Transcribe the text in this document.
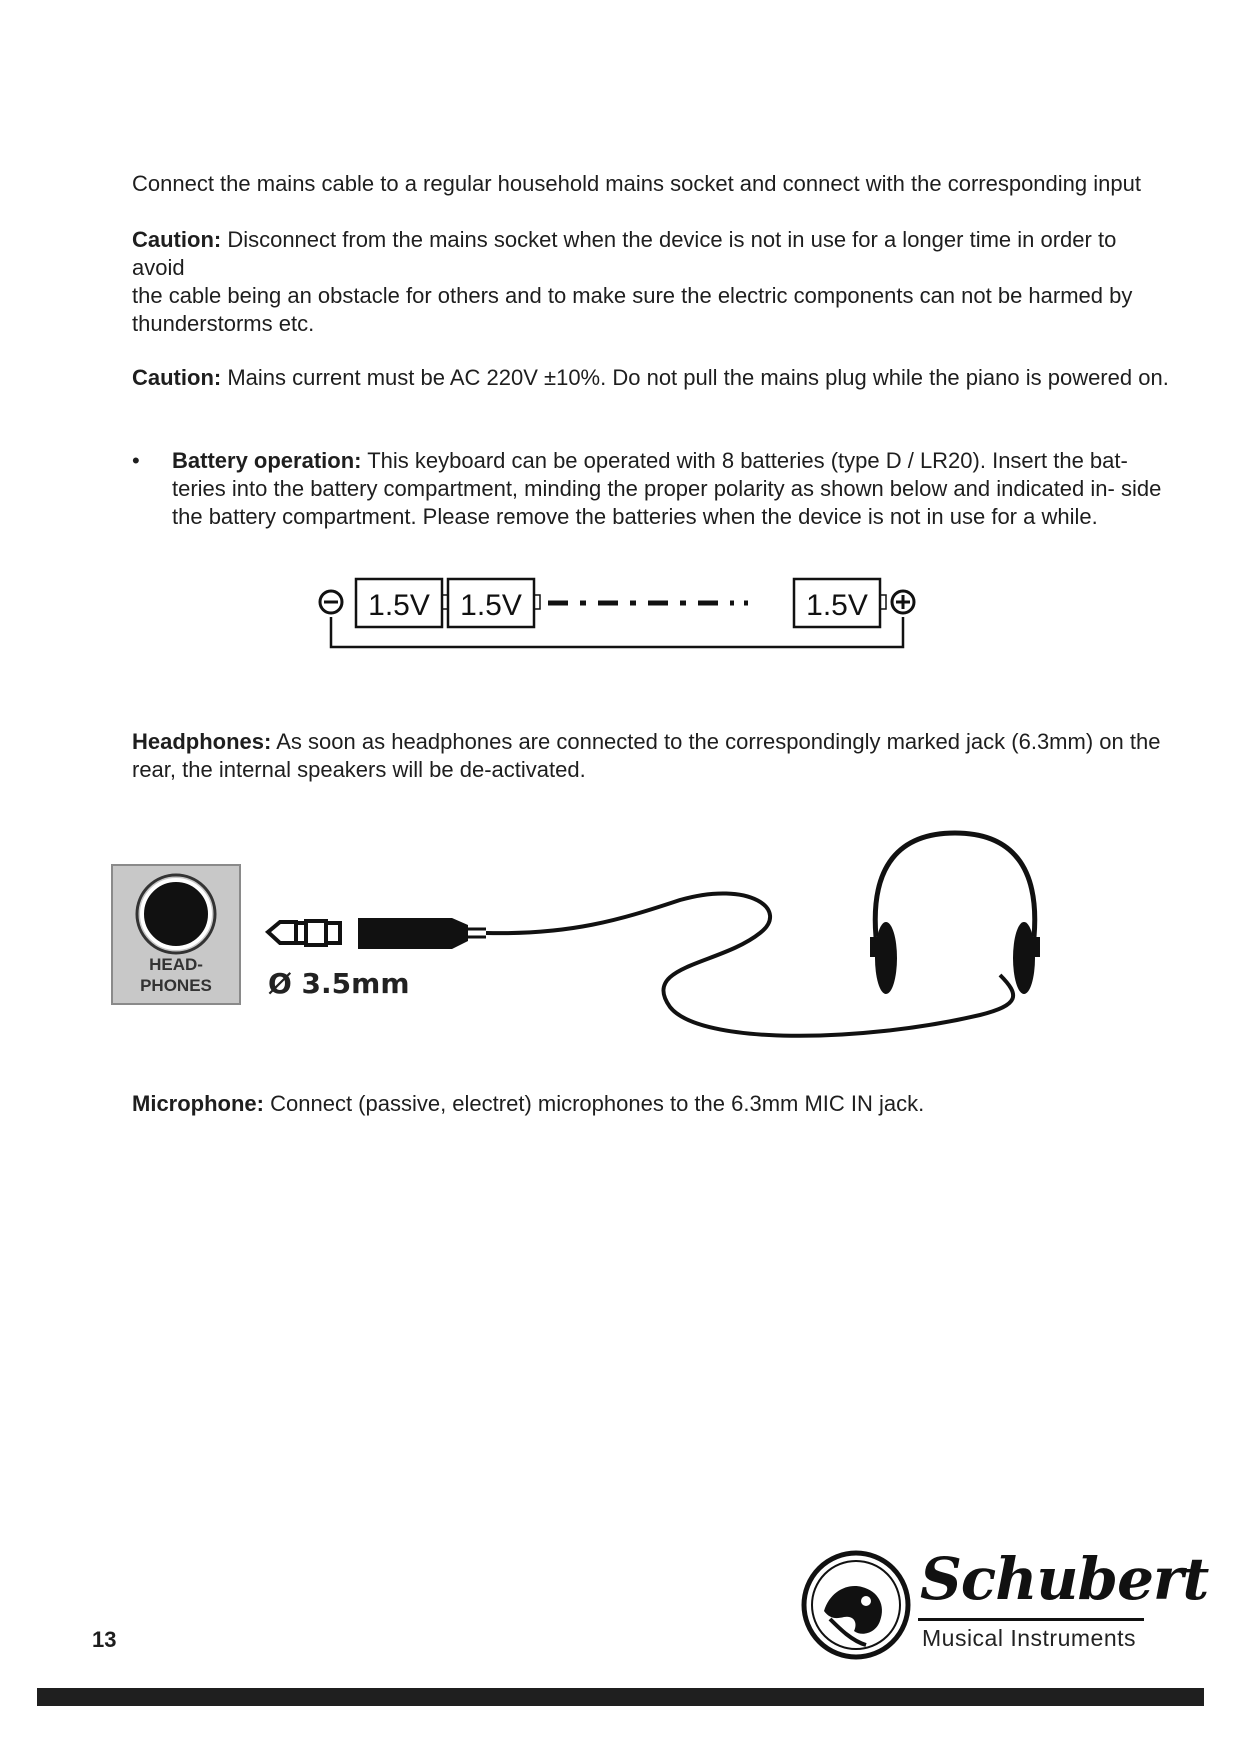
Connect the mains cable to a regular household mains socket and connect with the corresponding input

Caution: Disconnect from the mains socket when the device is not in use for a longer time in order to avoid
the cable being an obstacle for others and to make sure the electric components can not be harmed by thunderstorms etc.

Caution: Mains current must be AC 220V ±10%. Do not pull the mains plug while the piano is powered on.

•	Battery operation: This keyboard can be operated with 8 batteries (type D / LR20). Insert the bat- teries into the battery compartment, minding the proper polarity as shown below and indicated in- side the battery compartment. Please remove the batteries when the device is not in use for a while.
1.5V 1.5V	1.5V

Headphones: As soon as headphones are connected to the correspondingly marked jack (6.3mm) on the rear, the internal speakers will be de-activated.

HEAD-
PHONES Ø 3.5mm

Microphone: Connect (passive, electret) microphones to the 6.3mm MIC IN jack.

13
Schubert
Musical Instruments
